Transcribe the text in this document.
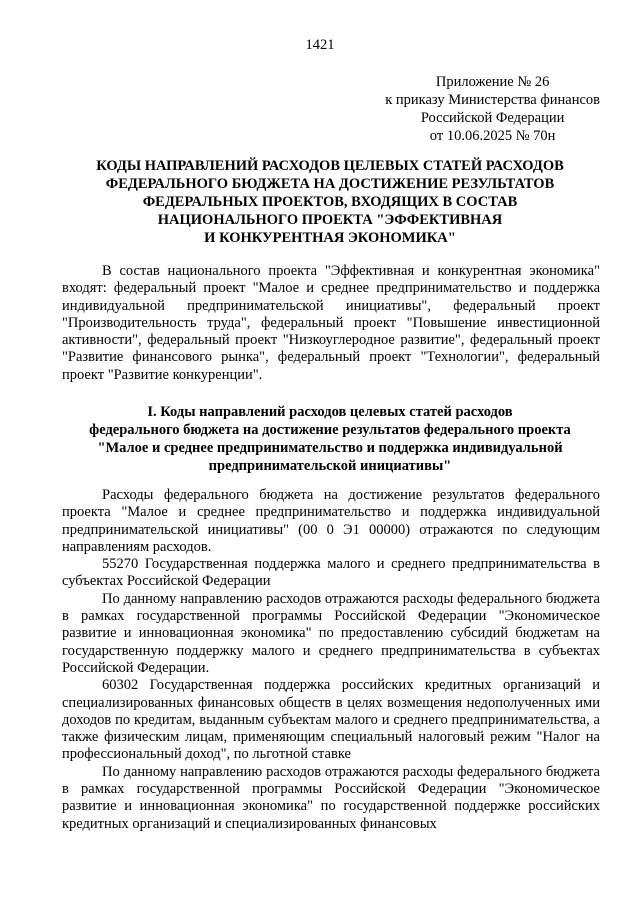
1421
Приложение № 26
к приказу Министерства финансов
Российской Федерации
от 10.06.2025 № 70н
КОДЫ НАПРАВЛЕНИЙ РАСХОДОВ ЦЕЛЕВЫХ СТАТЕЙ РАСХОДОВ
ФЕДЕРАЛЬНОГО БЮДЖЕТА НА ДОСТИЖЕНИЕ РЕЗУЛЬТАТОВ
ФЕДЕРАЛЬНЫХ ПРОЕКТОВ, ВХОДЯЩИХ В СОСТАВ
НАЦИОНАЛЬНОГО ПРОЕКТА "ЭФФЕКТИВНАЯ
И КОНКУРЕНТНАЯ ЭКОНОМИКА"

В состав национального проекта "Эффективная и конкурентная экономика" входят: федеральный проект "Малое и среднее предпринимательство и поддержка индивидуальной предпринимательской инициативы", федеральный проект "Производительность труда", федеральный проект "Повышение инвестиционной активности", федеральный проект "Низкоуглеродное развитие", федеральный проект "Развитие финансового рынка", федеральный проект "Технологии", федеральный проект "Развитие конкуренции".

I. Коды направлений расходов целевых статей расходов
федерального бюджета на достижение результатов федерального проекта
"Малое и среднее предпринимательство и поддержка индивидуальной
предпринимательской инициативы"

Расходы федерального бюджета на достижение результатов федерального проекта "Малое и среднее предпринимательство и поддержка индивидуальной предпринимательской инициативы" (00 0 Э1 00000) отражаются по следующим направлениям расходов.

55270 Государственная поддержка малого и среднего предпринимательства в субъектах Российской Федерации

По данному направлению расходов отражаются расходы федерального бюджета в рамках государственной программы Российской Федерации "Экономическое развитие и инновационная экономика" по предоставлению субсидий бюджетам на государственную поддержку малого и среднего предпринимательства в субъектах Российской Федерации.

60302 Государственная поддержка российских кредитных организаций и специализированных финансовых обществ в целях возмещения недополученных ими доходов по кредитам, выданным субъектам малого и среднего предпринимательства, а также физическим лицам, применяющим специальный налоговый режим "Налог на профессиональный доход", по льготной ставке

По данному направлению расходов отражаются расходы федерального бюджета в рамках государственной программы Российской Федерации "Экономическое развитие и инновационная экономика" по государственной поддержке российских кредитных организаций и специализированных финансовых
